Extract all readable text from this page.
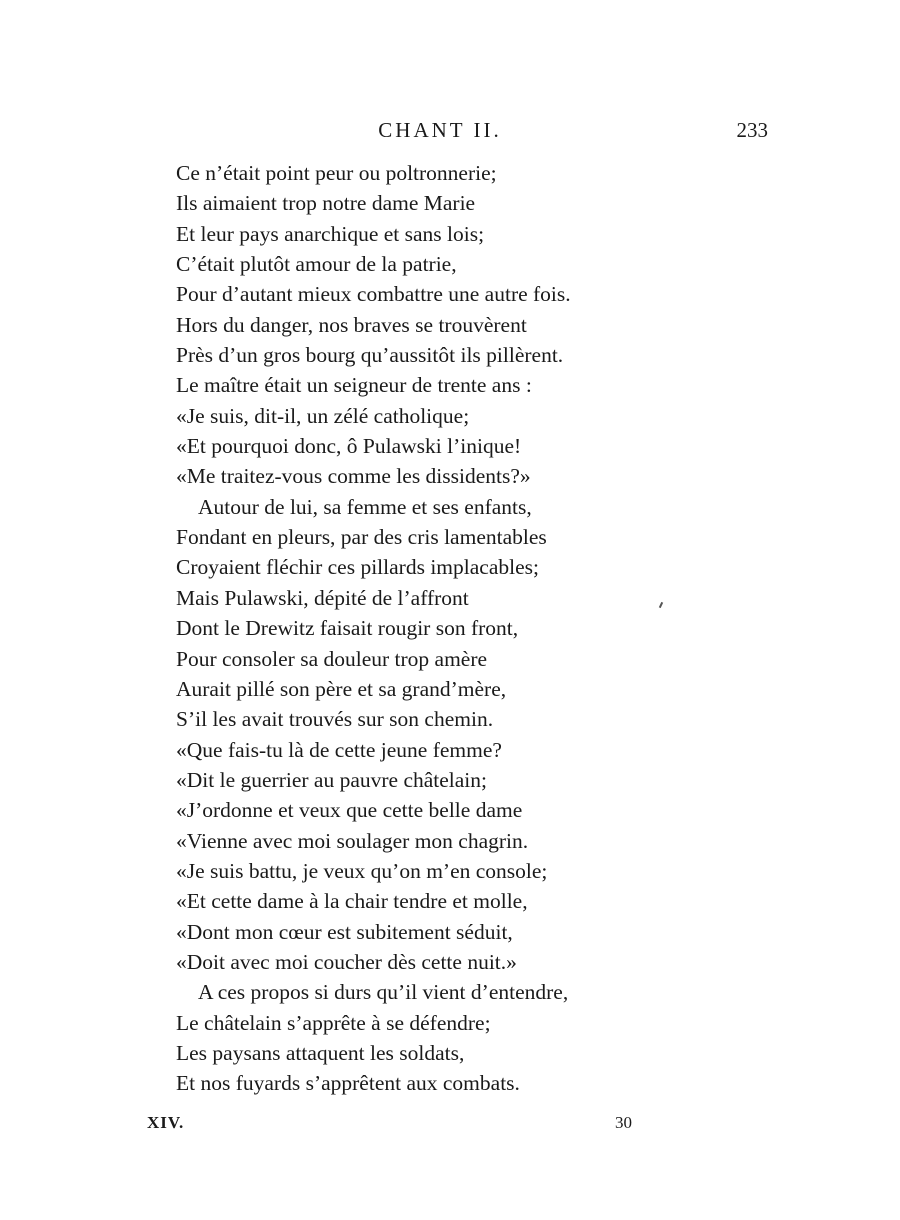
CHANT II.	233
Ce n’était point peur ou poltronnerie;
Ils aimaient trop notre dame Marie
Et leur pays anarchique et sans lois;
C’était plutôt amour de la patrie,
Pour d’autant mieux combattre une autre fois.
Hors du danger, nos braves se trouvèrent
Près d’un gros bourg qu’aussitôt ils pillèrent.
Le maître était un seigneur de trente ans :
«Je suis, dit-il, un zélé catholique;
«Et pourquoi donc, ô Pulawski l’inique!
«Me traitez-vous comme les dissidents?»
Autour de lui, sa femme et ses enfants,
Fondant en pleurs, par des cris lamentables
Croyaient fléchir ces pillards implacables;
Mais Pulawski, dépité de l’affront
Dont le Drewitz faisait rougir son front,
Pour consoler sa douleur trop amère
Aurait pillé son père et sa grand’mère,
S’il les avait trouvés sur son chemin.
«Que fais-tu là de cette jeune femme?
«Dit le guerrier au pauvre châtelain;
«J’ordonne et veux que cette belle dame
«Vienne avec moi soulager mon chagrin.
«Je suis battu, je veux qu’on m’en console;
«Et cette dame à la chair tendre et molle,
«Dont mon cœur est subitement séduit,
«Doit avec moi coucher dès cette nuit.»
A ces propos si durs qu’il vient d’entendre,
Le châtelain s’apprête à se défendre;
Les paysans attaquent les soldats,
Et nos fuyards s’apprêtent aux combats.
XIV.	30
